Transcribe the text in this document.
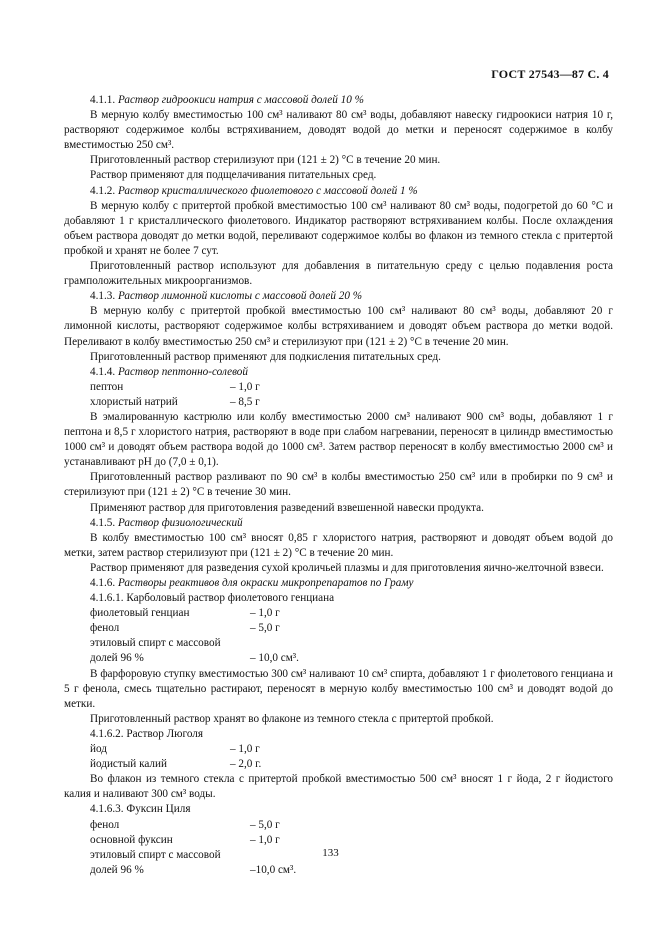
ГОСТ 27543—87 С. 4

4.1.1. Раствор гидроокиси натрия с массовой долей 10 %

В мерную колбу вместимостью 100 см³ наливают 80 см³ воды, добавляют навеску гидроокиси натрия 10 г, растворяют содержимое колбы встряхиванием, доводят водой до метки и переносят содержимое в колбу вместимостью 250 см³.

Приготовленный раствор стерилизуют при (121 ± 2) °С в течение 20 мин.

Раствор применяют для подщелачивания питательных сред.

4.1.2. Раствор кристаллического фиолетового с массовой долей 1 %

В мерную колбу с притертой пробкой вместимостью 100 см³ наливают 80 см³ воды, подогретой до 60 °С и добавляют 1 г кристаллического фиолетового. Индикатор растворяют встряхиванием колбы. После охлаждения объем раствора доводят до метки водой, переливают содержимое колбы во флакон из темного стекла с притертой пробкой и хранят не более 7 сут.

Приготовленный раствор используют для добавления в питательную среду с целью подавления роста грамположительных микроорганизмов.

4.1.3. Раствор лимонной кислоты с массовой долей 20 %

В мерную колбу с притертой пробкой вместимостью 100 см³ наливают 80 см³ воды, добавляют 20 г лимонной кислоты, растворяют содержимое колбы встряхиванием и доводят объем раствора до метки водой. Переливают в колбу вместимостью 250 см³ и стерилизуют при (121 ± 2) °С в течение 20 мин.

Приготовленный раствор применяют для подкисления питательных сред.

4.1.4. Раствор пептонно-солевой

пептон	– 1,0 г
хлористый натрий	– 8,5 г

В эмалированную кастрюлю или колбу вместимостью 2000 см³ наливают 900 см³ воды, добавляют 1 г пептона и 8,5 г хлористого натрия, растворяют в воде при слабом нагревании, переносят в цилиндр вместимостью 1000 см³ и доводят объем раствора водой до 1000 см³. Затем раствор переносят в колбу вместимостью 2000 см³ и устанавливают рН до (7,0 ± 0,1).

Приготовленный раствор разливают по 90 см³ в колбы вместимостью 250 см³ или в пробирки по 9 см³ и стерилизуют при (121 ± 2) °С в течение 30 мин.

Применяют раствор для приготовления разведений взвешенной навески продукта.

4.1.5. Раствор физиологический

В колбу вместимостью 100 см³ вносят 0,85 г хлористого натрия, растворяют и доводят объем водой до метки, затем раствор стерилизуют при (121 ± 2) °С в течение 20 мин.

Раствор применяют для разведения сухой кроличьей плазмы и для приготовления яично-желточной взвеси.

4.1.6. Растворы реактивов для окраски микропрепаратов по Граму

4.1.6.1. Карболовый раствор фиолетового генциана

фиолетовый генциан	– 1,0 г
фенол	– 5,0 г
этиловый спирт с массовой
долей 96 %	– 10,0 см³.

В фарфоровую ступку вместимостью 300 см³ наливают 10 см³ спирта, добавляют 1 г фиолетового генциана и 5 г фенола, смесь тщательно растирают, переносят в мерную колбу вместимостью 100 см³ и доводят водой до метки.

Приготовленный раствор хранят во флаконе из темного стекла с притертой пробкой.

4.1.6.2. Раствор Люголя

йод	– 1,0 г
йодистый калий	– 2,0 г.

Во флакон из темного стекла с притертой пробкой вместимостью 500 см³ вносят 1 г йода, 2 г йодистого калия и наливают 300 см³ воды.

4.1.6.3. Фуксин Циля

фенол	– 5,0 г
основной фуксин	– 1,0 г
этиловый спирт с массовой
долей 96 %	–10,0 см³.
133
